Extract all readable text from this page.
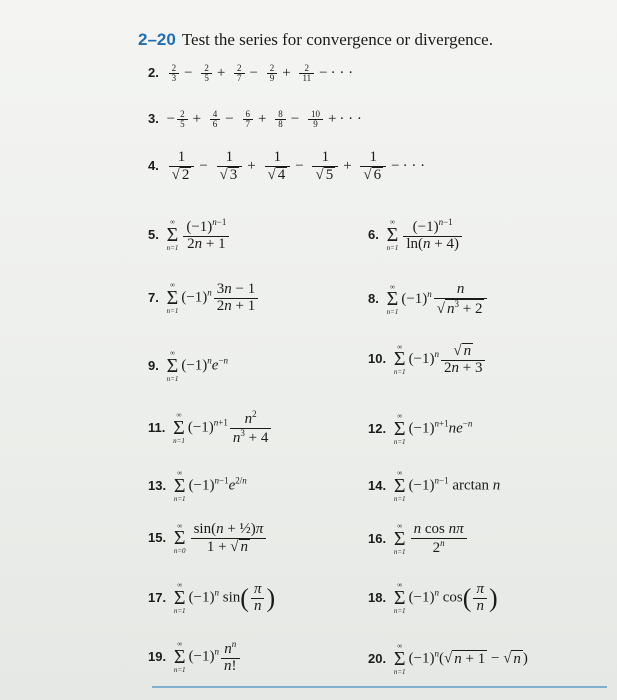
2–20 Test the series for convergence or divergence.
2. $\frac{2}{3} - \frac{2}{5} + \frac{2}{7} - \frac{2}{9} + \frac{2}{11}$ − · · ·
3. − $\frac{2}{5} + \frac{4}{6} - \frac{6}{7} + \frac{8}{8} - \frac{10}{9}$ + · · ·
4. $\frac{1}{√ 2} - \frac{1}{√ 3} + \frac{1}{√ 4} - \frac{1}{√ 5} + \frac{1}{√ 6}$ − · · ·
5.
∞
Σ
$n=1 \frac{(-1)^{n-1}}{2n + 1}$	6.
∞
Σ
$n=1 \frac{(-1)^{n-1}}{\ln(n + 4)}$
7.
∞
Σ
n=1
$(-1)^n \frac{3n - 1}{2n + 1}$	8.
∞
Σ
n=1
$(-1)^n \frac{n}{√ n^3 + 2}$
9.
∞
Σ
n=1
$(-1)^ne^{-n}$	10.
∞
Σ
n=1
$(-1)^n \frac{√ n}{2n + 3}$
11.
∞
Σ
n=1
$(-1)^{n+1} \frac{n^2}{n^3 + 4}$	12.
∞
Σ
n=1
$(-1)^{n+1}ne^{-n}$
13.
∞
Σ
n=1
$(-1)^{n-1}e^{2/n}$	14.
∞
Σ
n=1
$(-1)^{n-1}$ arctan n
15.
∞
Σ
$n=0 \frac{\text{sin(n + ½)π}}{1 + √ n}$	16.
∞
Σ
$n=1 \frac{\text{n cos nπ}}{2^n}$
17.
∞
Σ
n=1
$(-1)^n$ $\sin( \frac{\pi}{n}$ )	18.
∞
Σ
n=1
$(-1)^n$ $\cos( \frac{\pi}{n}$ )
19.
∞
Σ
n=1
$(-1)^n \frac{n^n}{n!}$	20.
∞
Σ
n=1
$(-1)^n(√$ n + 1 − √ n )
